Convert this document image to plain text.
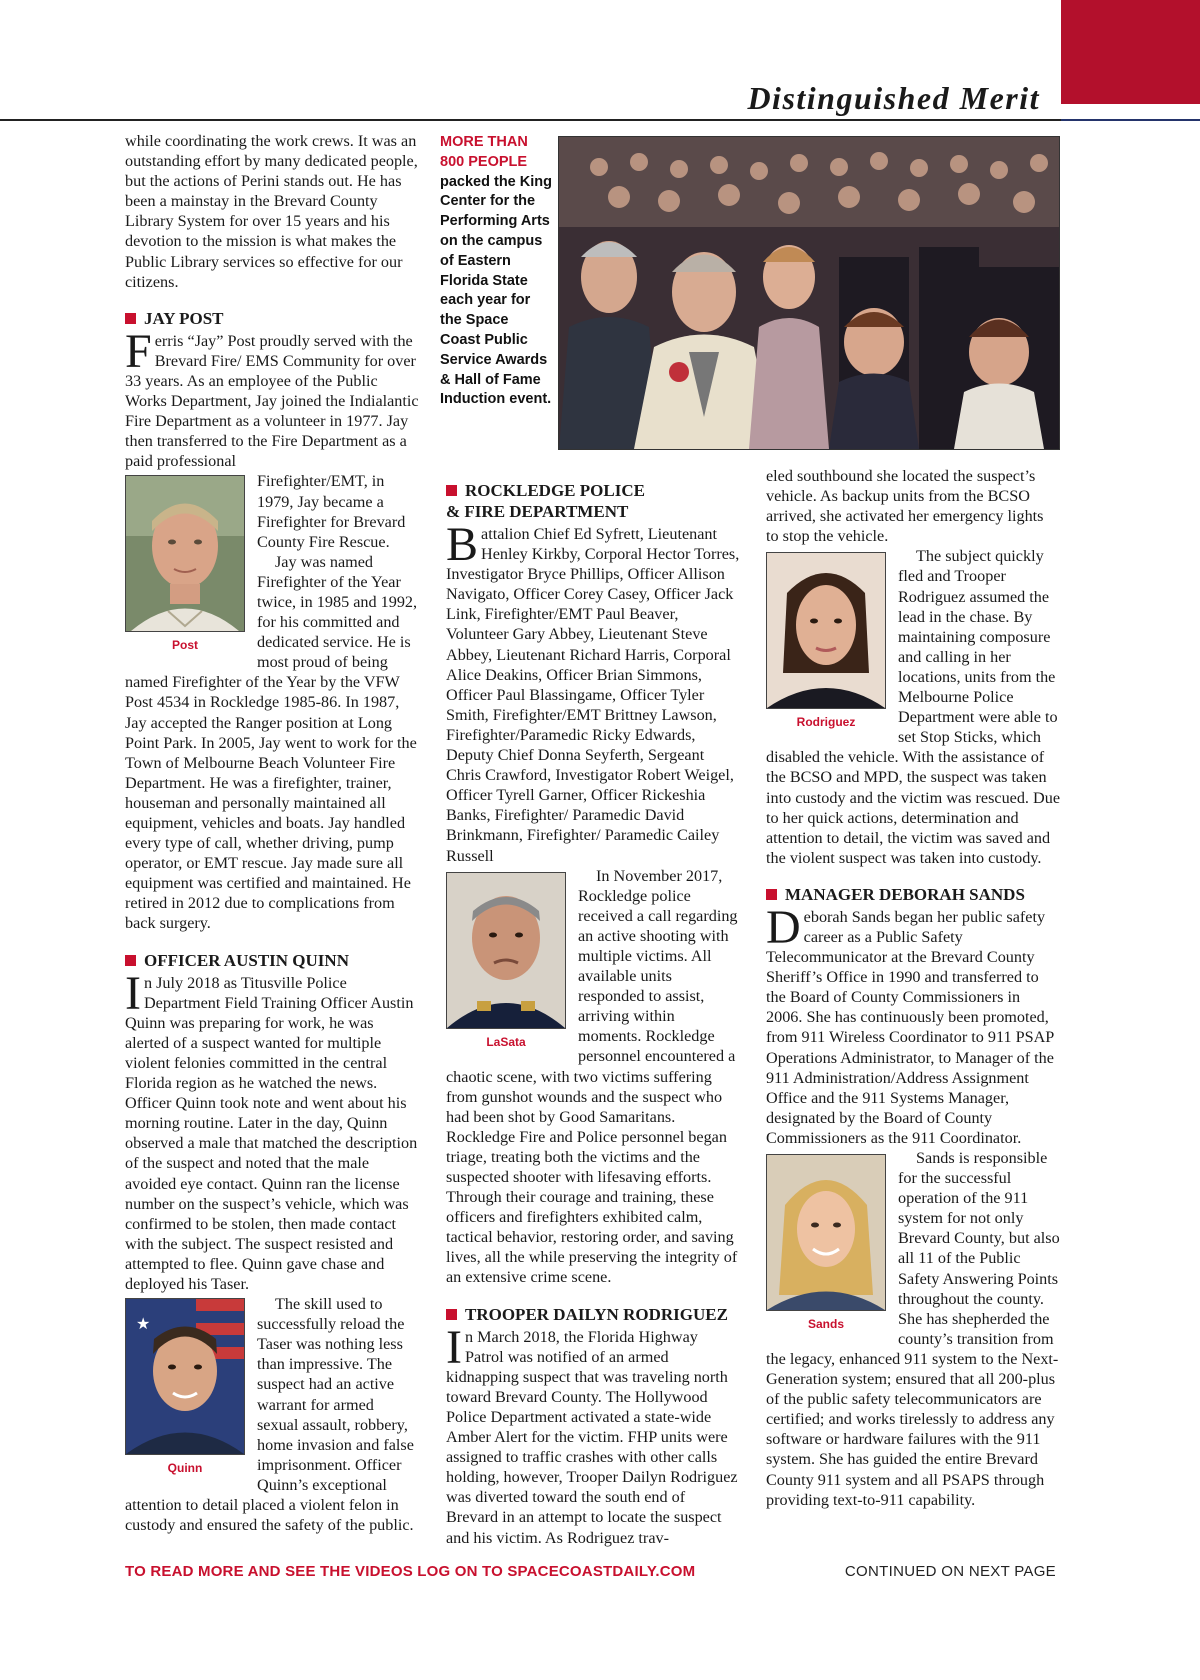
Distinguished Merit

while coordinating the work crews. It was an outstanding effort by many dedicated people, but the actions of Perini stands out. He has been a mainstay in the Brevard County Library System for over 15 years and his devotion to the mission is what makes the Public Library services so effective for our citizens.

JAY POST

Ferris “Jay” Post proudly served with the Brevard Fire/ EMS Community for over 33 years. As an employee of the Public Works Department, Jay joined the Indialantic Fire Department as a volunteer in 1977. Jay then transferred to the Fire Department as a paid professional

Post

Firefighter/EMT, in 1979, Jay became a Firefighter for Brevard County Fire Rescue.

Jay was named Firefighter of the Year twice, in 1985 and 1992, for his committed and dedicated service. He is most proud of being named Firefighter of the Year by the VFW Post 4534 in Rockledge 1985-86. In 1987, Jay accepted the Ranger position at Long Point Park. In 2005, Jay went to work for the Town of Melbourne Beach Volunteer Fire Department. He was a firefighter, trainer, houseman and personally maintained all equipment, vehicles and boats. Jay handled every type of call, whether driving, pump operator, or EMT rescue. Jay made sure all equipment was certified and maintained. He retired in 2012 due to complications from back surgery.

OFFICER AUSTIN QUINN

In July 2018 as Titusville Police Department Field Training Officer Austin Quinn was preparing for work, he was alerted of a suspect wanted for multiple violent felonies committed in the central Florida region as he watched the news. Officer Quinn took note and went about his morning routine. Later in the day, Quinn observed a male that matched the description of the suspect and noted that the male avoided eye contact. Quinn ran the license number on the suspect’s vehicle, which was confirmed to be stolen, then made contact with the subject. The suspect resisted and attempted to flee. Quinn gave chase and deployed his Taser.

★
Quinn

The skill used to successfully reload the Taser was nothing less than impressive. The suspect had an active warrant for armed sexual assault, robbery, home invasion and false imprisonment. Officer Quinn’s exceptional attention to detail placed a violent felon in custody and ensured the safety of the public.

MORE THAN 800 PEOPLE packed the King Center for the Performing Arts on the campus of Eastern Florida State each year for the Space Coast Public Service Awards & Hall of Fame Induction event.
ROCKLEDGE POLICE
& FIRE DEPARTMENT

Battalion Chief Ed Syfrett, Lieutenant Henley Kirkby, Corporal Hector Torres, Investigator Bryce Phillips, Officer Allison Navigato, Officer Corey Casey, Officer Jack Link, Firefighter/EMT Paul Beaver, Volunteer Gary Abbey, Lieutenant Steve Abbey, Lieutenant Richard Harris, Corporal Alice Deakins, Officer Brian Simmons, Officer Paul Blassingame, Officer Tyler Smith, Firefighter/EMT Brittney Lawson, Firefighter/Paramedic Ricky Edwards, Deputy Chief Donna Seyferth, Sergeant Chris Crawford, Investigator Robert Weigel, Officer Tyrell Garner, Officer Rickeshia Banks, Firefighter/ Paramedic David Brinkmann, Firefighter/ Paramedic Cailey Russell

LaSata

In November 2017, Rockledge police received a call regarding an active shooting with multiple victims. All available units responded to assist, arriving within moments. Rockledge personnel encountered a chaotic scene, with two victims suffering from gunshot wounds and the suspect who had been shot by Good Samaritans. Rockledge Fire and Police personnel began triage, treating both the victims and the suspected shooter with lifesaving efforts. Through their courage and training, these officers and firefighters exhibited calm, tactical behavior, restoring order, and saving lives, all the while preserving the integrity of an extensive crime scene.

TROOPER DAILYN RODRIGUEZ

In March 2018, the Florida Highway Patrol was notified of an armed kidnapping suspect that was traveling north toward Brevard County. The Hollywood Police Department activated a state-wide Amber Alert for the victim. FHP units were assigned to traffic crashes with other calls holding, however, Trooper Dailyn Rodriguez was diverted toward the south end of Brevard in an attempt to locate the suspect and his victim. As Rodriguez trav-

eled southbound she located the suspect’s vehicle. As backup units from the BCSO arrived, she activated her emergency lights to stop the vehicle.

Rodriguez

The subject quickly fled and Trooper Rodriguez assumed the lead in the chase. By maintaining composure and calling in her locations, units from the Melbourne Police Department were able to set Stop Sticks, which disabled the vehicle. With the assistance of the BCSO and MPD, the suspect was taken into custody and the victim was rescued. Due to her quick actions, determination and attention to detail, the victim was saved and the violent suspect was taken into custody.

MANAGER DEBORAH SANDS

Deborah Sands began her public safety career as a Public Safety Telecommunicator at the Brevard County Sheriff’s Office in 1990 and transferred to the Board of County Commissioners in 2006. She has continuously been promoted, from 911 Wireless Coordinator to 911 PSAP Operations Administrator, to Manager of the 911 Administration/Address Assignment Office and the 911 Systems Manager, designated by the Board of County Commissioners as the 911 Coordinator.

Sands

Sands is responsible for the successful operation of the 911 system for not only Brevard County, but also all 11 of the Public Safety Answering Points throughout the county. She has shepherded the county’s transition from the legacy, enhanced 911 system to the Next-Generation system; ensured that all 200-plus of the public safety telecommunicators are certified; and works tirelessly to address any software or hardware failures with the 911 system. She has guided the entire Brevard County 911 system and all PSAPS through providing text-to-911 capability.

TO READ MORE AND SEE THE VIDEOS LOG ON TO SPACECOASTDAILY.COM	CONTINUED ON NEXT PAGE
